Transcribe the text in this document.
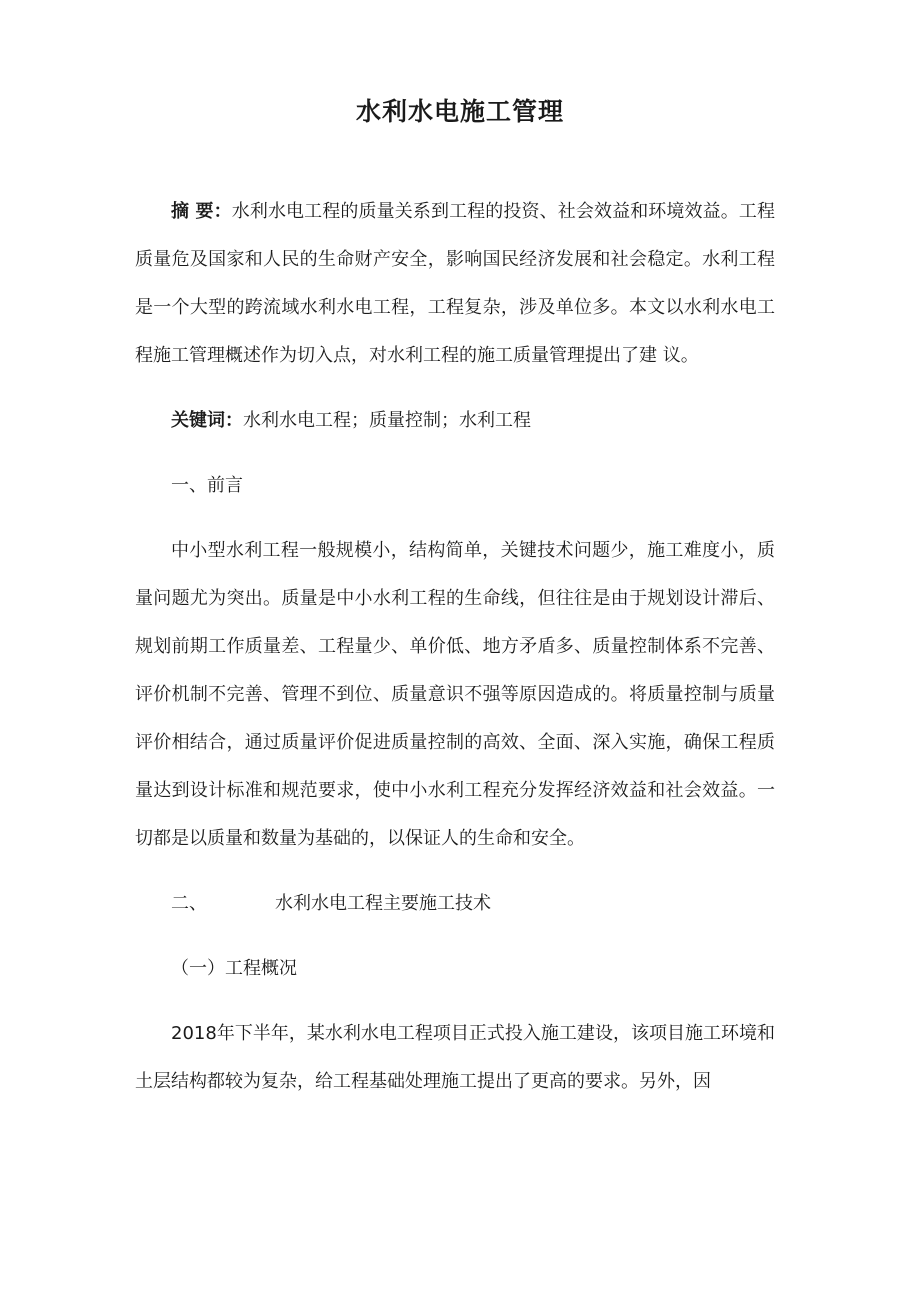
水利水电施工管理

摘 要：水利水电工程的质量关系到工程的投资、社会效益和环境效益。工程质量危及国家和人民的生命财产安全，影响国民经济发展和社会稳定。水利工程是一个大型的跨流域水利水电工程，工程复杂，涉及单位多。本文以水利水电工程施工管理概述作为切入点，对水利工程的施工质量管理提出了建 议。

关键词：水利水电工程；质量控制；水利工程

一、前言

中小型水利工程一般规模小，结构简单，关键技术问题少，施工难度小，质量问题尤为突出。质量是中小水利工程的生命线，但往往是由于规划设计滞后、规划前期工作质量差、工程量少、单价低、地方矛盾多、质量控制体系不完善、评价机制不完善、管理不到位、质量意识不强等原因造成的。将质量控制与质量评价相结合，通过质量评价促进质量控制的高效、全面、深入实施，确保工程质量达到设计标准和规范要求，使中小水利工程充分发挥经济效益和社会效益。一切都是以质量和数量为基础的，以保证人的生命和安全。

二、	水利水电工程主要施工技术

（一）工程概况

2018年下半年，某水利水电工程项目正式投入施工建设，该项目施工环境和土层结构都较为复杂，给工程基础处理施工提出了更高的要求。另外，因
